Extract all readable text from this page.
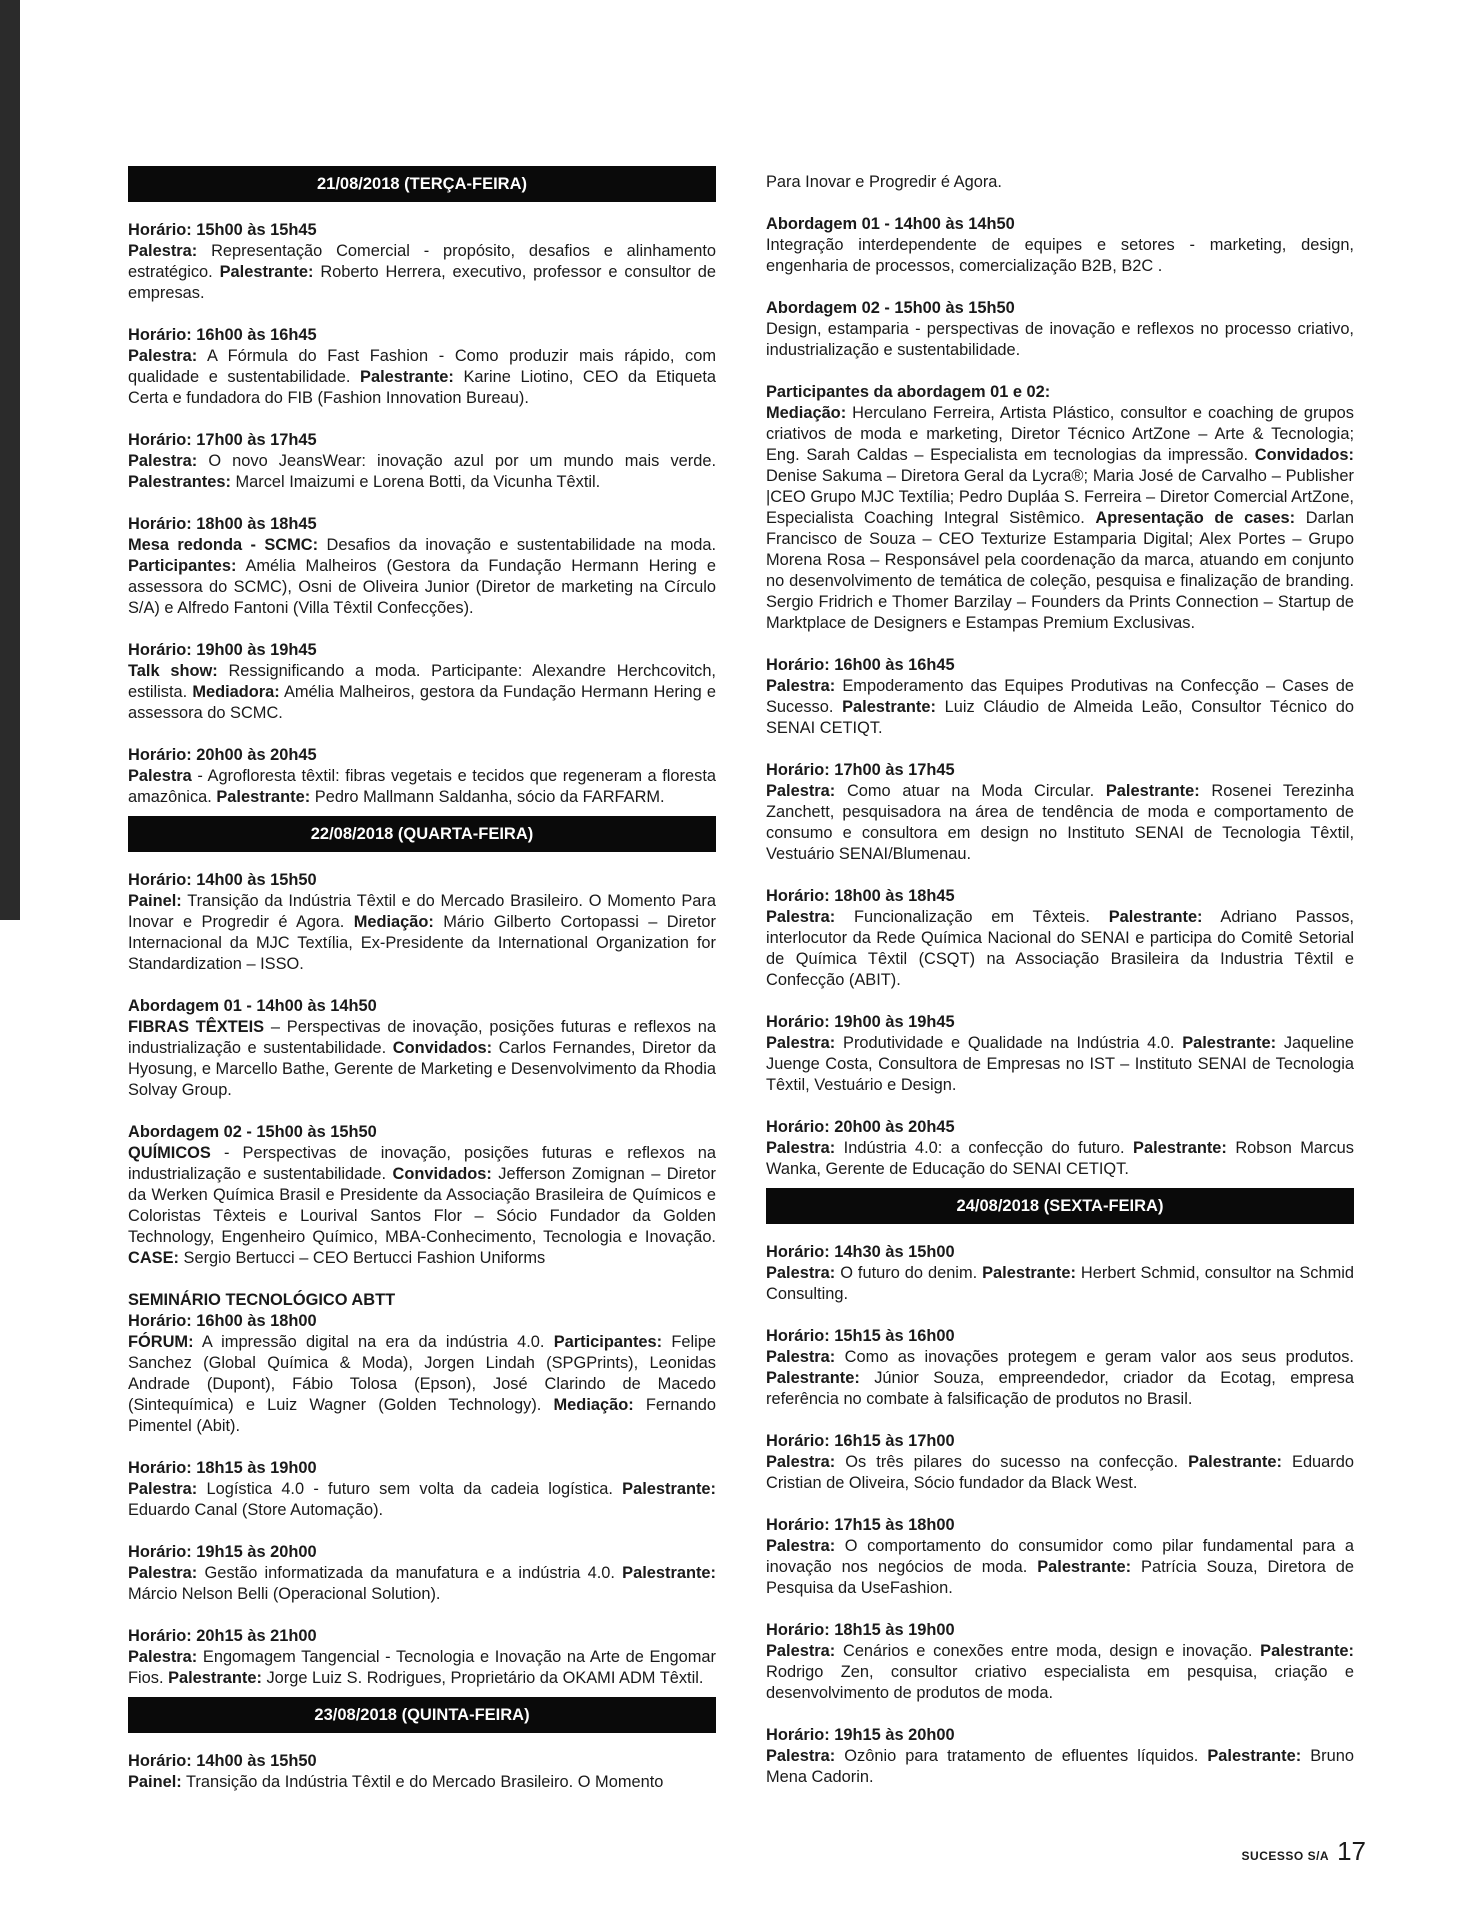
21/08/2018 (TERÇA-FEIRA)
Horário: 15h00 às 15h45

Palestra: Representação Comercial - propósito, desafios e alinhamento estratégico. Palestrante: Roberto Herrera, executivo, professor e consultor de empresas.

Horário: 16h00 às 16h45

Palestra: A Fórmula do Fast Fashion - Como produzir mais rápido, com qualidade e sustentabilidade. Palestrante: Karine Liotino, CEO da Etiqueta Certa e fundadora do FIB (Fashion Innovation Bureau).

Horário: 17h00 às 17h45

Palestra: O novo JeansWear: inovação azul por um mundo mais verde. Palestrantes: Marcel Imaizumi e Lorena Botti, da Vicunha Têxtil.

Horário: 18h00 às 18h45

Mesa redonda - SCMC: Desafios da inovação e sustentabilidade na moda. Participantes: Amélia Malheiros (Gestora da Fundação Hermann Hering e assessora do SCMC), Osni de Oliveira Junior (Diretor de marketing na Círculo S/A) e Alfredo Fantoni (Villa Têxtil Confecções).

Horário: 19h00 às 19h45

Talk show: Ressignificando a moda. Participante: Alexandre Herchcovitch, estilista. Mediadora: Amélia Malheiros, gestora da Fundação Hermann Hering e assessora do SCMC.

Horário: 20h00 às 20h45

Palestra - Agrofloresta têxtil: fibras vegetais e tecidos que regeneram a floresta amazônica. Palestrante: Pedro Mallmann Saldanha, sócio da FARFARM.

22/08/2018 (QUARTA-FEIRA)
Horário: 14h00 às 15h50

Painel: Transição da Indústria Têxtil e do Mercado Brasileiro. O Momento Para Inovar e Progredir é Agora. Mediação: Mário Gilberto Cortopassi – Diretor Internacional da MJC Textília, Ex-Presidente da International Organization for Standardization – ISSO.

Abordagem 01 - 14h00 às 14h50

FIBRAS TÊXTEIS – Perspectivas de inovação, posições futuras e reflexos na industrialização e sustentabilidade. Convidados: Carlos Fernandes, Diretor da Hyosung, e Marcello Bathe, Gerente de Marketing e Desenvolvimento da Rhodia Solvay Group.

Abordagem 02 - 15h00 às 15h50

QUÍMICOS - Perspectivas de inovação, posições futuras e reflexos na industrialização e sustentabilidade. Convidados: Jefferson Zomignan – Diretor da Werken Química Brasil e Presidente da Associação Brasileira de Químicos e Coloristas Têxteis e Lourival Santos Flor – Sócio Fundador da Golden Technology, Engenheiro Químico, MBA-Conhecimento, Tecnologia e Inovação. CASE: Sergio Bertucci – CEO Bertucci Fashion Uniforms

SEMINÁRIO TECNOLÓGICO ABTT
Horário: 16h00 às 18h00

FÓRUM: A impressão digital na era da indústria 4.0. Participantes: Felipe Sanchez (Global Química & Moda), Jorgen Lindah (SPGPrints), Leonidas Andrade (Dupont), Fábio Tolosa (Epson), José Clarindo de Macedo (Sintequímica) e Luiz Wagner (Golden Technology). Mediação: Fernando Pimentel (Abit).

Horário: 18h15 às 19h00

Palestra: Logística 4.0 - futuro sem volta da cadeia logística. Palestrante: Eduardo Canal (Store Automação).

Horário: 19h15 às 20h00

Palestra: Gestão informatizada da manufatura e a indústria 4.0. Palestrante: Márcio Nelson Belli (Operacional Solution).

Horário: 20h15 às 21h00

Palestra: Engomagem Tangencial - Tecnologia e Inovação na Arte de Engomar Fios. Palestrante: Jorge Luiz S. Rodrigues, Proprietário da OKAMI ADM Têxtil.

23/08/2018 (QUINTA-FEIRA)
Horário: 14h00 às 15h50

Painel: Transição da Indústria Têxtil e do Mercado Brasileiro. O Momento

Para Inovar e Progredir é Agora.

Abordagem 01 - 14h00 às 14h50

Integração interdependente de equipes e setores - marketing, design, engenharia de processos, comercialização B2B, B2C .

Abordagem 02 - 15h00 às 15h50

Design, estamparia - perspectivas de inovação e reflexos no processo criativo, industrialização e sustentabilidade.

Participantes da abordagem 01 e 02:

Mediação: Herculano Ferreira, Artista Plástico, consultor e coaching de grupos criativos de moda e marketing, Diretor Técnico ArtZone – Arte & Tecnologia; Eng. Sarah Caldas – Especialista em tecnologias da impressão. Convidados: Denise Sakuma – Diretora Geral da Lycra®; Maria José de Carvalho – Publisher |CEO Grupo MJC Textília; Pedro Dupláa S. Ferreira – Diretor Comercial ArtZone, Especialista Coaching Integral Sistêmico. Apresentação de cases: Darlan Francisco de Souza – CEO Texturize Estamparia Digital; Alex Portes – Grupo Morena Rosa – Responsável pela coordenação da marca, atuando em conjunto no desenvolvimento de temática de coleção, pesquisa e finalização de branding. Sergio Fridrich e Thomer Barzilay – Founders da Prints Connection – Startup de Marktplace de Designers e Estampas Premium Exclusivas.

Horário: 16h00 às 16h45

Palestra: Empoderamento das Equipes Produtivas na Confecção – Cases de Sucesso. Palestrante: Luiz Cláudio de Almeida Leão, Consultor Técnico do SENAI CETIQT.

Horário: 17h00 às 17h45

Palestra: Como atuar na Moda Circular. Palestrante: Rosenei Terezinha Zanchett, pesquisadora na área de tendência de moda e comportamento de consumo e consultora em design no Instituto SENAI de Tecnologia Têxtil, Vestuário SENAI/Blumenau.

Horário: 18h00 às 18h45

Palestra: Funcionalização em Têxteis. Palestrante: Adriano Passos, interlocutor da Rede Química Nacional do SENAI e participa do Comitê Setorial de Química Têxtil (CSQT) na Associação Brasileira da Industria Têxtil e Confecção (ABIT).

Horário: 19h00 às 19h45

Palestra: Produtividade e Qualidade na Indústria 4.0. Palestrante: Jaqueline Juenge Costa, Consultora de Empresas no IST – Instituto SENAI de Tecnologia Têxtil, Vestuário e Design.

Horário: 20h00 às 20h45

Palestra: Indústria 4.0: a confecção do futuro. Palestrante: Robson Marcus Wanka, Gerente de Educação do SENAI CETIQT.

24/08/2018 (SEXTA-FEIRA)
Horário: 14h30 às 15h00

Palestra: O futuro do denim. Palestrante: Herbert Schmid, consultor na Schmid Consulting.

Horário: 15h15 às 16h00

Palestra: Como as inovações protegem e geram valor aos seus produtos. Palestrante: Júnior Souza, empreendedor, criador da Ecotag, empresa referência no combate à falsificação de produtos no Brasil.

Horário: 16h15 às 17h00

Palestra: Os três pilares do sucesso na confecção. Palestrante: Eduardo Cristian de Oliveira, Sócio fundador da Black West.

Horário: 17h15 às 18h00

Palestra: O comportamento do consumidor como pilar fundamental para a inovação nos negócios de moda. Palestrante: Patrícia Souza, Diretora de Pesquisa da UseFashion.

Horário: 18h15 às 19h00

Palestra: Cenários e conexões entre moda, design e inovação. Palestrante: Rodrigo Zen, consultor criativo especialista em pesquisa, criação e desenvolvimento de produtos de moda.

Horário: 19h15 às 20h00

Palestra: Ozônio para tratamento de efluentes líquidos. Palestrante: Bruno Mena Cadorin.

SUCESSO S/A 17
